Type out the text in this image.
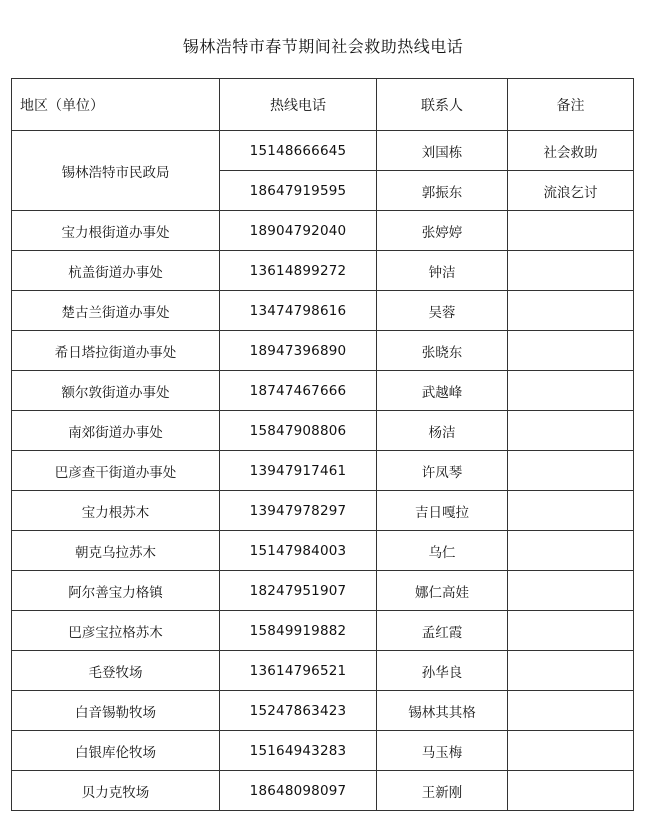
锡林浩特市春节期间社会救助热线电话
地区（单位）	热线电话	联系人	备注
锡林浩特市民政局	15148666645	刘国栋	社会救助
	18647919595	郭振东	流浪乞讨
宝力根街道办事处	18904792040	张婷婷	
杭盖街道办事处	13614899272	钟洁	
楚古兰街道办事处	13474798616	吴蓉	
希日塔拉街道办事处	18947396890	张晓东	
额尔敦街道办事处	18747467666	武越峰	
南郊街道办事处	15847908806	杨洁	
巴彦查干街道办事处	13947917461	许凤琴	
宝力根苏木	13947978297	吉日嘎拉	
朝克乌拉苏木	15147984003	乌仁	
阿尔善宝力格镇	18247951907	娜仁高娃	
巴彦宝拉格苏木	15849919882	孟红霞	
毛登牧场	13614796521	孙华良	
白音锡勒牧场	15247863423	锡林其其格	
白银库伦牧场	15164943283	马玉梅	
贝力克牧场	18648098097	王新刚	
